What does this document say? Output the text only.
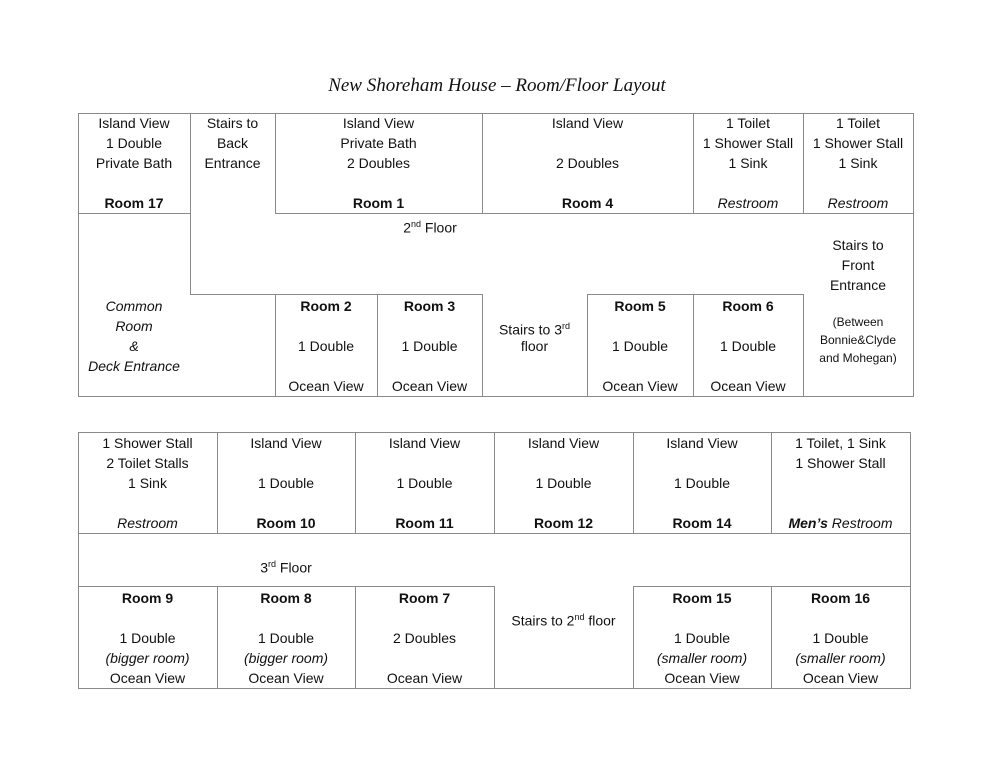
New Shoreham House – Room/Floor Layout
Island View
1 Double
Private Bath
Room 17
Stairs to
Back
Entrance
Island View
Private Bath
2 Doubles
Room 1
Island View
2 Doubles
Room 4
1 Toilet
1 Shower Stall
1 Sink
Restroom
1 Toilet
1 Shower Stall
1 Sink
Restroom
2nd Floor
Common
Room
&
Deck Entrance
Room 2
1 Double
Ocean View
Room 3
1 Double
Ocean View
Stairs to 3rd
floor
Room 5
1 Double
Ocean View
Room 6
1 Double
Ocean View
Stairs to
Front
Entrance
(Between
Bonnie&Clyde
and Mohegan)
1 Shower Stall
2 Toilet Stalls
1 Sink
Restroom
Island View
1 Double
Room 10
Island View
1 Double
Room 11
Island View
1 Double
Room 12
Island View
1 Double
Room 14
1 Toilet, 1 Sink
1 Shower Stall
Men’s Restroom
3rd Floor
Room 9
1 Double
(bigger room)
Ocean View
Room 8
1 Double
(bigger room)
Ocean View
Room 7
2 Doubles
Ocean View
Stairs to 2nd floor
Room 15
1 Double
(smaller room)
Ocean View
Room 16
1 Double
(smaller room)
Ocean View
